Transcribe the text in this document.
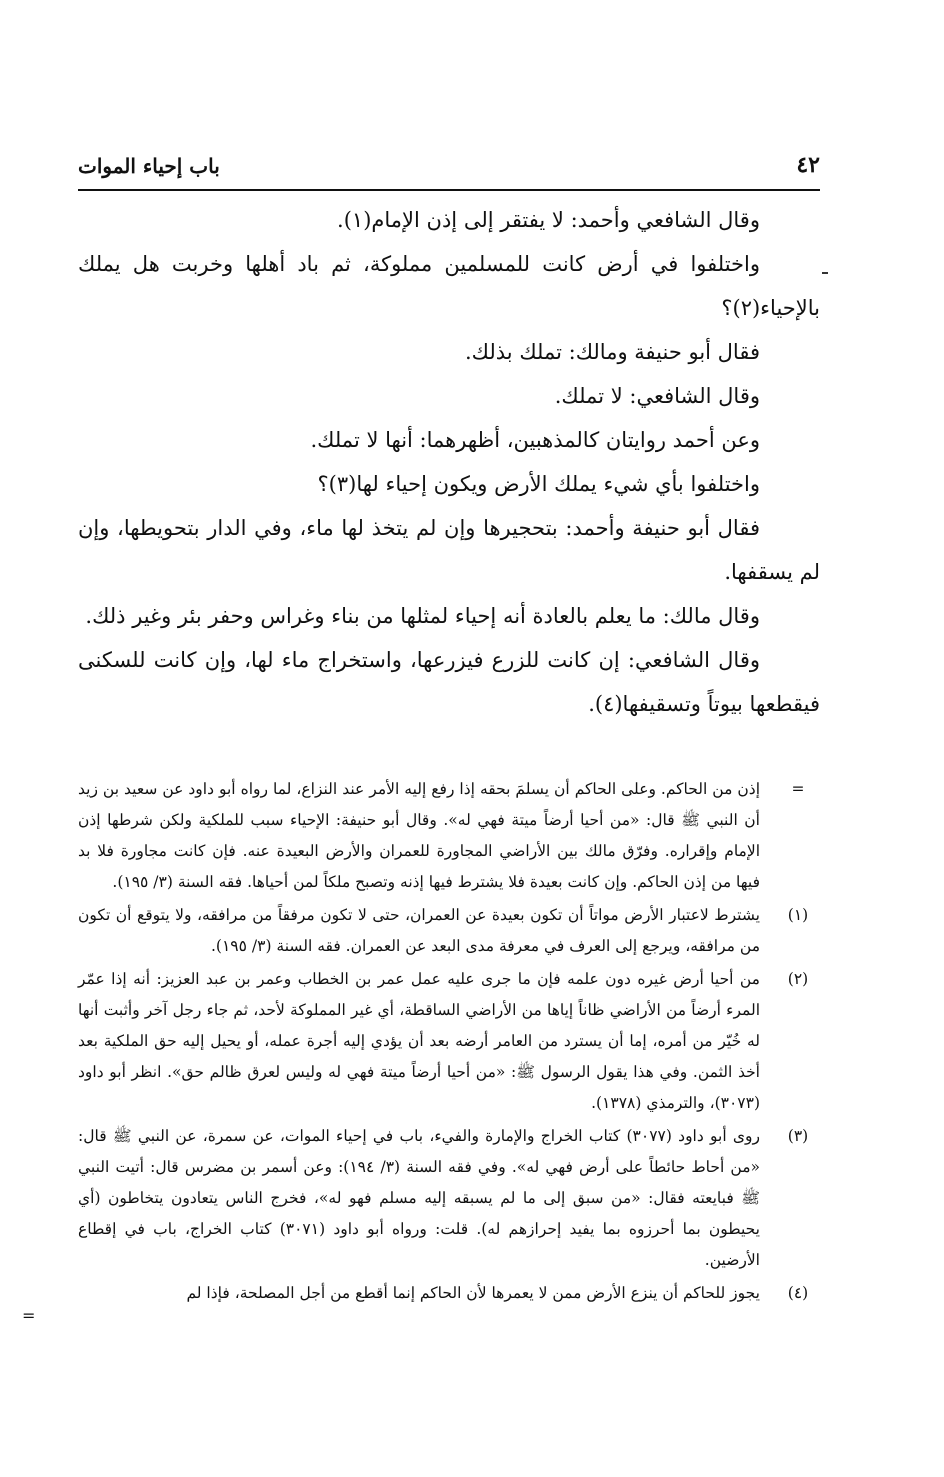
٤٢
باب إحياء الموات

وقال الشافعي وأحمد: لا يفتقر إلى إذن الإمام(١).

واختلفوا في أرض كانت للمسلمين مملوكة، ثم باد أهلها وخربت هل يملك بالإحياء(٢)؟

فقال أبو حنيفة ومالك: تملك بذلك.

وقال الشافعي: لا تملك.

وعن أحمد روايتان كالمذهبين، أظهرهما: أنها لا تملك.

واختلفوا بأي شيء يملك الأرض ويكون إحياء لها(٣)؟

فقال أبو حنيفة وأحمد: بتحجيرها وإن لم يتخذ لها ماء، وفي الدار بتحويطها، وإن لم يسقفها.

وقال مالك: ما يعلم بالعادة أنه إحياء لمثلها من بناء وغراس وحفر بئر وغير ذلك.

وقال الشافعي: إن كانت للزرع فيزرعها، واستخراج ماء لها، وإن كانت للسكنى فيقطعها بيوتاً وتسقيفها(٤).

=
إذن من الحاكم. وعلى الحاكم أن يسلمَ بحقه إذا رفع إليه الأمر عند النزاع، لما رواه أبو داود عن سعيد بن زيد أن النبي ﷺ قال: «من أحيا أرضاً ميتة فهي له». وقال أبو حنيفة: الإحياء سبب للملكية ولكن شرطها إذن الإمام وإقراره. وفرّق مالك بين الأراضي المجاورة للعمران والأرض البعيدة عنه. فإن كانت مجاورة فلا بد فيها من إذن الحاكم. وإن كانت بعيدة فلا يشترط فيها إذنه وتصبح ملكاً لمن أحياها. فقه السنة (٣/ ١٩٥).
(١)
يشترط لاعتبار الأرض مواتاً أن تكون بعيدة عن العمران، حتى لا تكون مرفقاً من مرافقه، ولا يتوقع أن تكون من مرافقه، ويرجع إلى العرف في معرفة مدى البعد عن العمران. فقه السنة (٣/ ١٩٥).
(٢)
من أحيا أرض غيره دون علمه فإن ما جرى عليه عمل عمر بن الخطاب وعمر بن عبد العزيز: أنه إذا عمّر المرء أرضاً من الأراضي ظاناً إياها من الأراضي الساقطة، أي غير المملوكة لأحد، ثم جاء رجل آخر وأثبت أنها له خُيّر من أمره، إما أن يسترد من العامر أرضه بعد أن يؤدي إليه أجرة عمله، أو يحيل إليه حق الملكية بعد أخذ الثمن. وفي هذا يقول الرسول ﷺ: «من أحيا أرضاً ميتة فهي له وليس لعرق ظالم حق». انظر أبو داود (٣٠٧٣)، والترمذي (١٣٧٨).
(٣)
روى أبو داود (٣٠٧٧) كتاب الخراج والإمارة والفيء، باب في إحياء الموات، عن سمرة، عن النبي ﷺ قال: «من أحاط حائطاً على أرض فهي له». وفي فقه السنة (٣/ ١٩٤): وعن أسمر بن مضرس قال: أتيت النبي ﷺ فبايعته فقال: «من سبق إلى ما لم يسبقه إليه مسلم فهو له»، فخرج الناس يتعادون يتخاطون (أي يحيطون بما أحرزوه بما يفيد إحرازهم له). قلت: ورواه أبو داود (٣٠٧١) كتاب الخراج، باب في إقطاع الأرضين.
(٤)
يجوز للحاكم أن ينزع الأرض ممن لا يعمرها لأن الحاكم إنما أقطع من أجل المصلحة، فإذا لم
=
